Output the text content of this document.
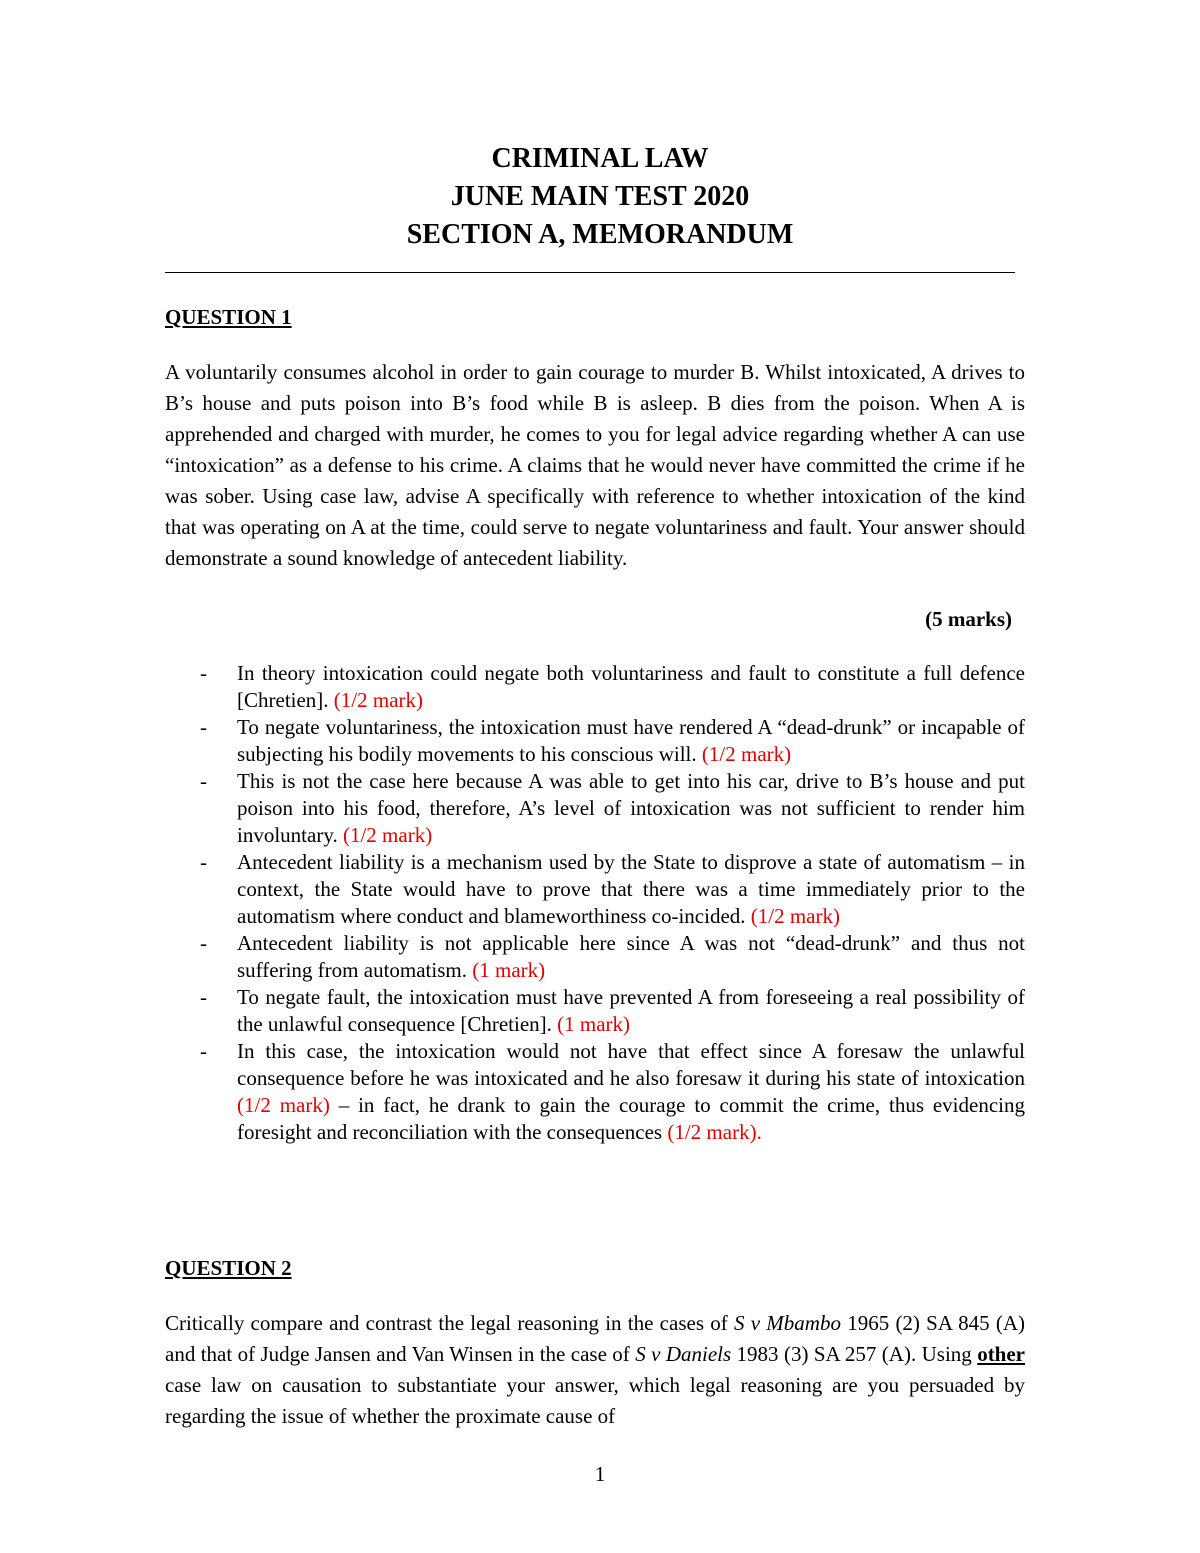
CRIMINAL LAW
JUNE MAIN TEST 2020
SECTION A, MEMORANDUM
QUESTION 1
A voluntarily consumes alcohol in order to gain courage to murder B. Whilst intoxicated, A drives to B’s house and puts poison into B’s food while B is asleep. B dies from the poison. When A is apprehended and charged with murder, he comes to you for legal advice regarding whether A can use “intoxication” as a defense to his crime. A claims that he would never have committed the crime if he was sober. Using case law, advise A specifically with reference to whether intoxication of the kind that was operating on A at the time, could serve to negate voluntariness and fault. Your answer should demonstrate a sound knowledge of antecedent liability.
(5 marks)
- In theory intoxication could negate both voluntariness and fault to constitute a full defence [Chretien]. (1/2 mark)
- To negate voluntariness, the intoxication must have rendered A “dead-drunk” or incapable of subjecting his bodily movements to his conscious will. (1/2 mark)
- This is not the case here because A was able to get into his car, drive to B’s house and put poison into his food, therefore, A’s level of intoxication was not sufficient to render him involuntary. (1/2 mark)
- Antecedent liability is a mechanism used by the State to disprove a state of automatism – in context, the State would have to prove that there was a time immediately prior to the automatism where conduct and blameworthiness co-incided. (1/2 mark)
- Antecedent liability is not applicable here since A was not “dead-drunk” and thus not suffering from automatism. (1 mark)
- To negate fault, the intoxication must have prevented A from foreseeing a real possibility of the unlawful consequence [Chretien]. (1 mark)
- In this case, the intoxication would not have that effect since A foresaw the unlawful consequence before he was intoxicated and he also foresaw it during his state of intoxication (1/2 mark) – in fact, he drank to gain the courage to commit the crime, thus evidencing foresight and reconciliation with the consequences (1/2 mark).
QUESTION 2
Critically compare and contrast the legal reasoning in the cases of S v Mbambo 1965 (2) SA 845 (A) and that of Judge Jansen and Van Winsen in the case of S v Daniels 1983 (3) SA 257 (A). Using other case law on causation to substantiate your answer, which legal reasoning are you persuaded by regarding the issue of whether the proximate cause of
1
